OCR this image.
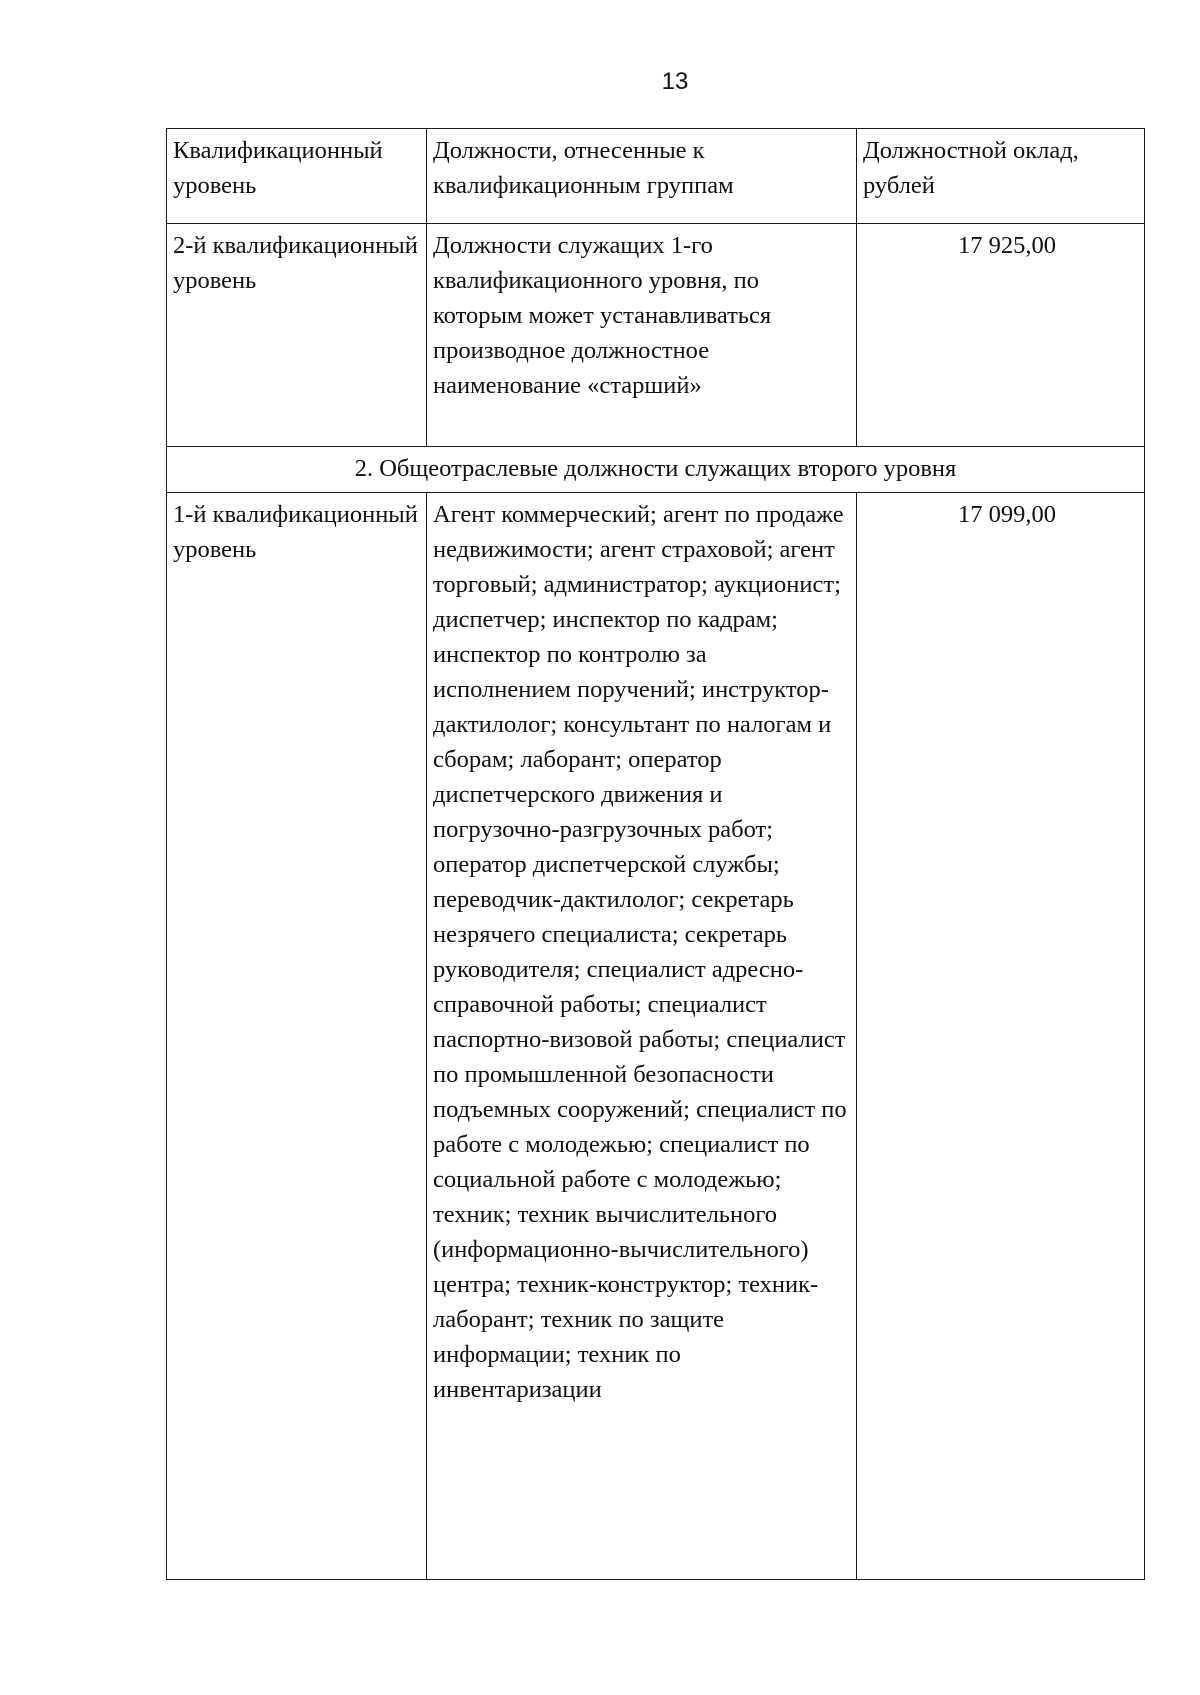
13
Квалификационный уровень	Должности, отнесенные к квалификационным группам	Должностной оклад, рублей
2-й квалификационный уровень	Должности служащих 1-го квалификационного уровня, по которым может устанавливаться производное должностное наименование «старший»	17 925,00
2. Общеотраслевые должности служащих второго уровня		
1-й квалификационный уровень	Агент коммерческий; агент по продаже недвижимости; агент страховой; агент торговый; администратор; аукционист; диспетчер; инспектор по кадрам; инспектор по контролю за исполнением поручений; инструктор-дактилолог; консультант по налогам и сборам; лаборант; оператор диспетчерского движения и погрузочно-разгрузочных работ; оператор диспетчерской службы; переводчик-дактилолог; секретарь незрячего специалиста; секретарь руководителя; специалист адресно-справочной работы; специалист паспортно-визовой работы; специалист по промышленной безопасности подъемных сооружений; специалист по работе с молодежью; специалист по социальной работе с молодежью; техник; техник вычислительного (информационно-вычислительного) центра; техник-конструктор; техник-лаборант; техник по защите информации; техник по инвентаризации	17 099,00
